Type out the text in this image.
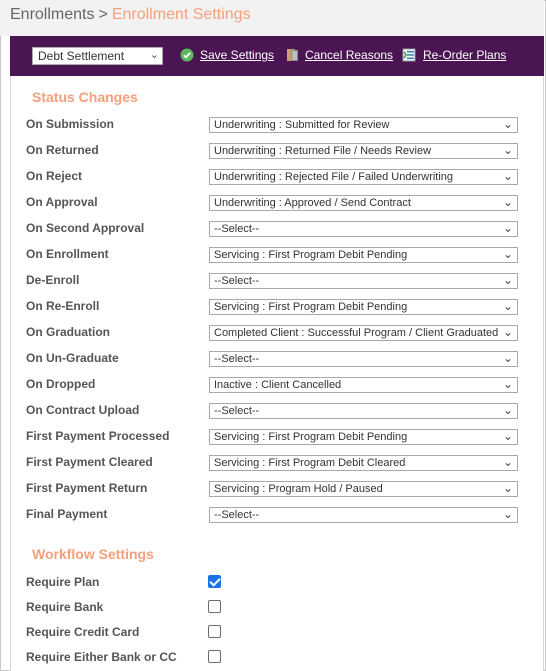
Enrollments > Enrollment Settings
Debt Settlement ⌄	Save Settings	Cancel Reasons Re-Order Plans
Status Changes
On Submission	Underwriting : Submitted for Review	⌄
On Returned	Underwriting : Returned File / Needs Review	⌄
On Reject	Underwriting : Rejected File / Failed Underwriting	⌄
On Approval	Underwriting : Approved / Send Contract	⌄
On Second Approval	--Select--	⌄
On Enrollment	Servicing : First Program Debit Pending	⌄
De-Enroll	--Select--	⌄
On Re-Enroll	Servicing : First Program Debit Pending	⌄
On Graduation	Completed Client : Successful Program / Client Graduated ⌄
On Un-Graduate	--Select--	⌄
On Dropped	Inactive : Client Cancelled	⌄
On Contract Upload	--Select--	⌄
First Payment Processed	Servicing : First Program Debit Pending	⌄
First Payment Cleared	Servicing : First Program Debit Cleared	⌄
First Payment Return	Servicing : Program Hold / Paused	⌄
Final Payment	--Select--	⌄
Workflow Settings
Require Plan
Require Bank
Require Credit Card
Require Either Bank or CC
